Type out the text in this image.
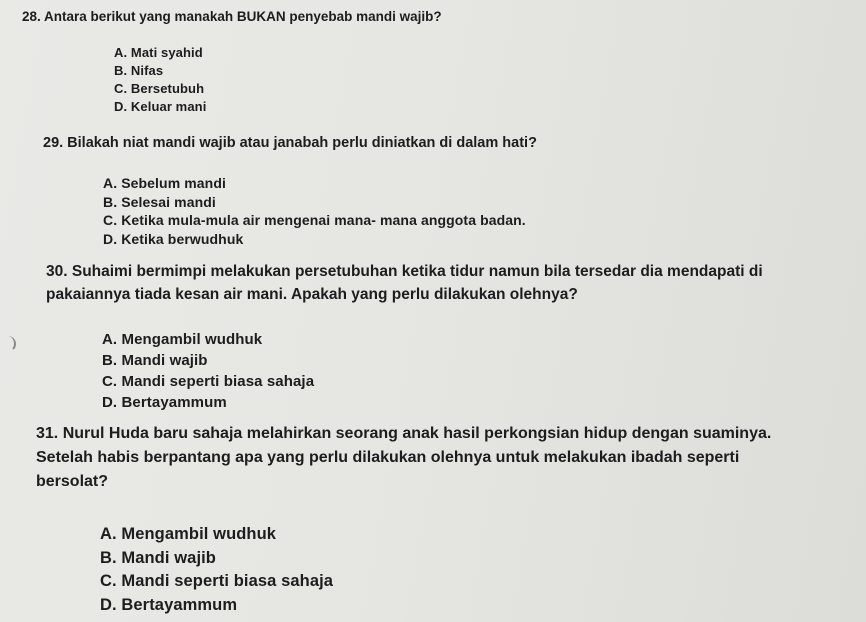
28. Antara berikut yang manakah BUKAN penyebab mandi wajib?
A. Mati syahid
B. Nifas
C. Bersetubuh
D. Keluar mani
29. Bilakah niat mandi wajib atau janabah perlu diniatkan di dalam hati?
A. Sebelum mandi
B. Selesai mandi
C. Ketika mula-mula air mengenai mana- mana anggota badan.
D. Ketika berwudhuk
30. Suhaimi bermimpi melakukan persetubuhan ketika tidur namun bila tersedar dia mendapati di
pakaiannya tiada kesan air mani. Apakah yang perlu dilakukan olehnya?
A. Mengambil wudhuk
B. Mandi wajib
C. Mandi seperti biasa sahaja
D. Bertayammum
31. Nurul Huda baru sahaja melahirkan seorang anak hasil perkongsian hidup dengan suaminya.
Setelah habis berpantang apa yang perlu dilakukan olehnya untuk melakukan ibadah seperti
bersolat?
A. Mengambil wudhuk
B. Mandi wajib
C. Mandi seperti biasa sahaja
D. Bertayammum
